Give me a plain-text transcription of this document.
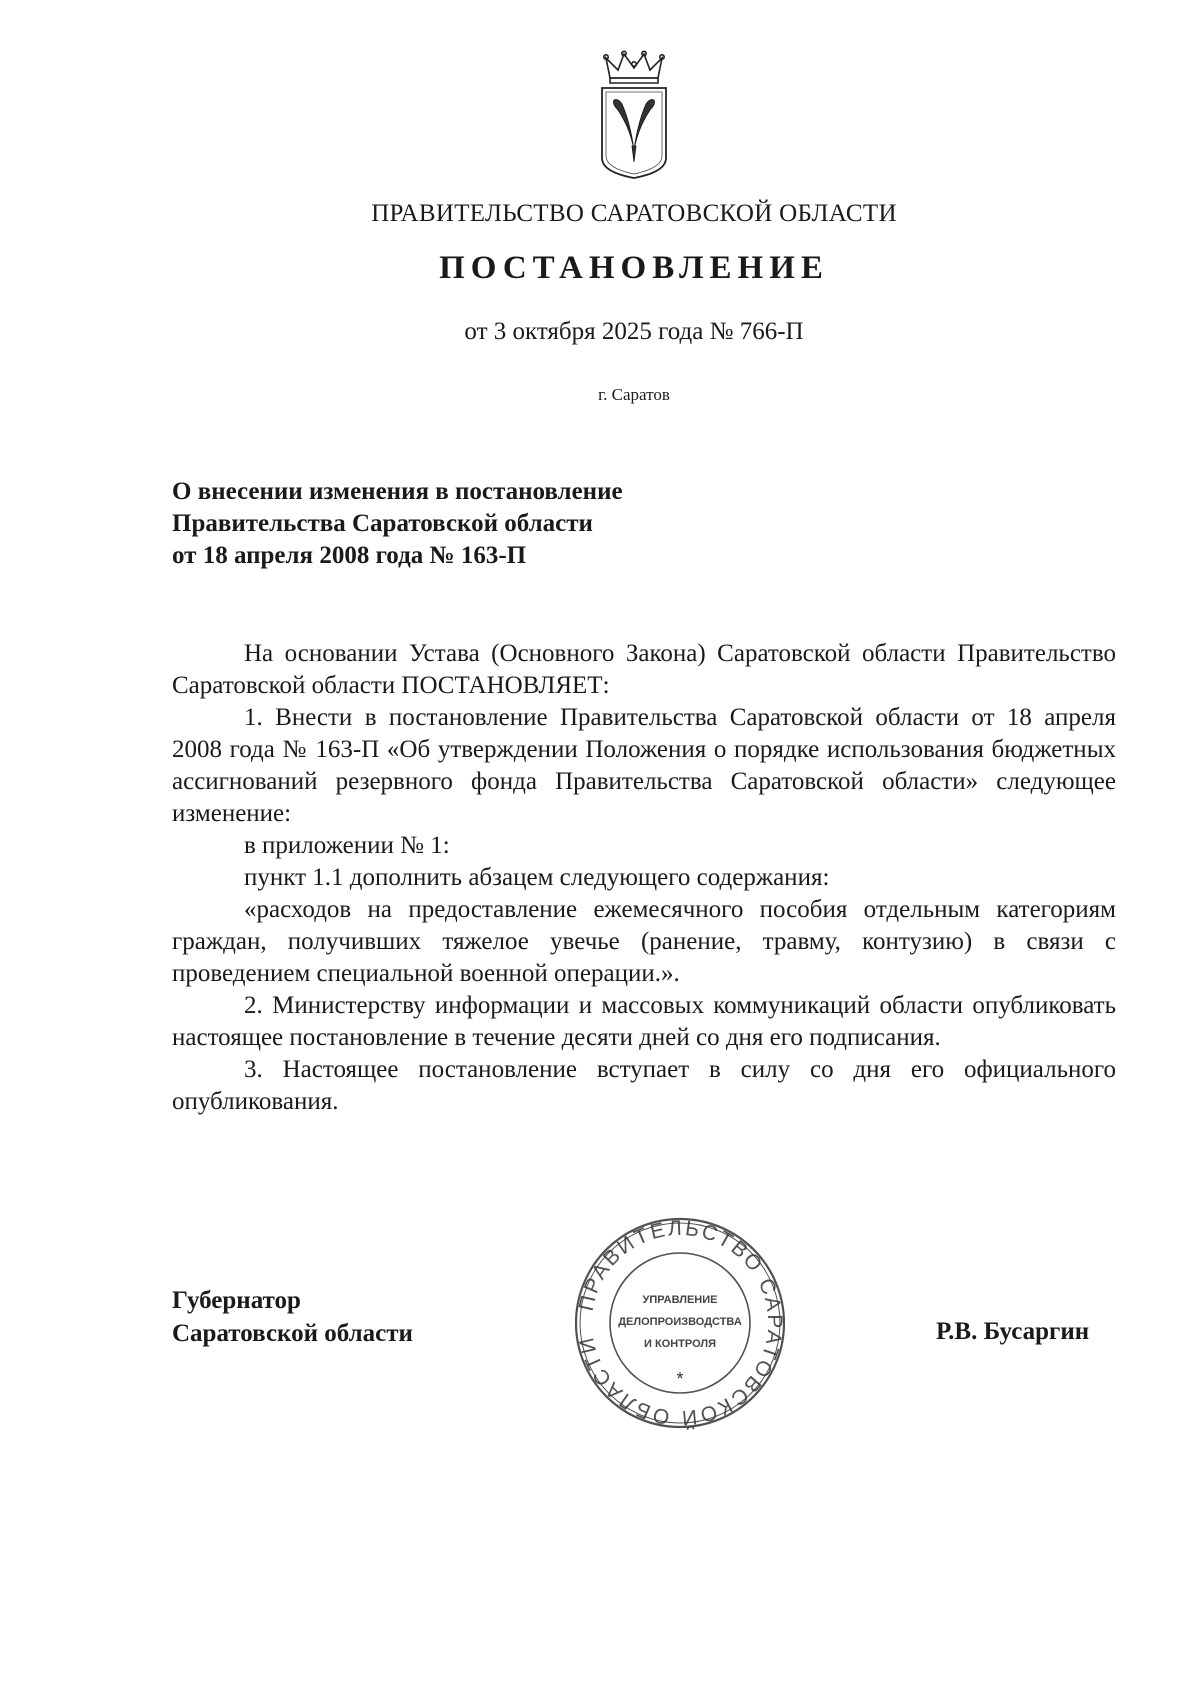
ПРАВИТЕЛЬСТВО САРАТОВСКОЙ ОБЛАСТИ
ПОСТАНОВЛЕНИЕ
от 3 октября 2025 года № 766-П
г. Саратов
О внесении изменения в постановление
Правительства Саратовской области
от 18 апреля 2008 года № 163-П

На основании Устава (Основного Закона) Саратовской области Правительство Саратовской области ПОСТАНОВЛЯЕТ:

1. Внести в постановление Правительства Саратовской области от 18 апреля 2008 года № 163-П «Об утверждении Положения о порядке использования бюджетных ассигнований резервного фонда Правительства Саратовской области» следующее изменение:

в приложении № 1:

пункт 1.1 дополнить абзацем следующего содержания:

«расходов на предоставление ежемесячного пособия отдельным категориям граждан, получивших тяжелое увечье (ранение, травму, контузию) в связи с проведением специальной военной операции.».

2. Министерству информации и массовых коммуникаций области опубликовать настоящее постановление в течение десяти дней со дня его подписания.

3. Настоящее постановление вступает в силу со дня его официального опубликования.

Губернатор
Саратовской области
ПРАВИТЕЛЬСТВО САРАТОВСКОЙ ОБЛАСТИ
*
УПРАВЛЕНИЕ
ДЕЛОПРОИЗВОДСТВА
И КОНТРОЛЯ	Р.В. Бусаргин
